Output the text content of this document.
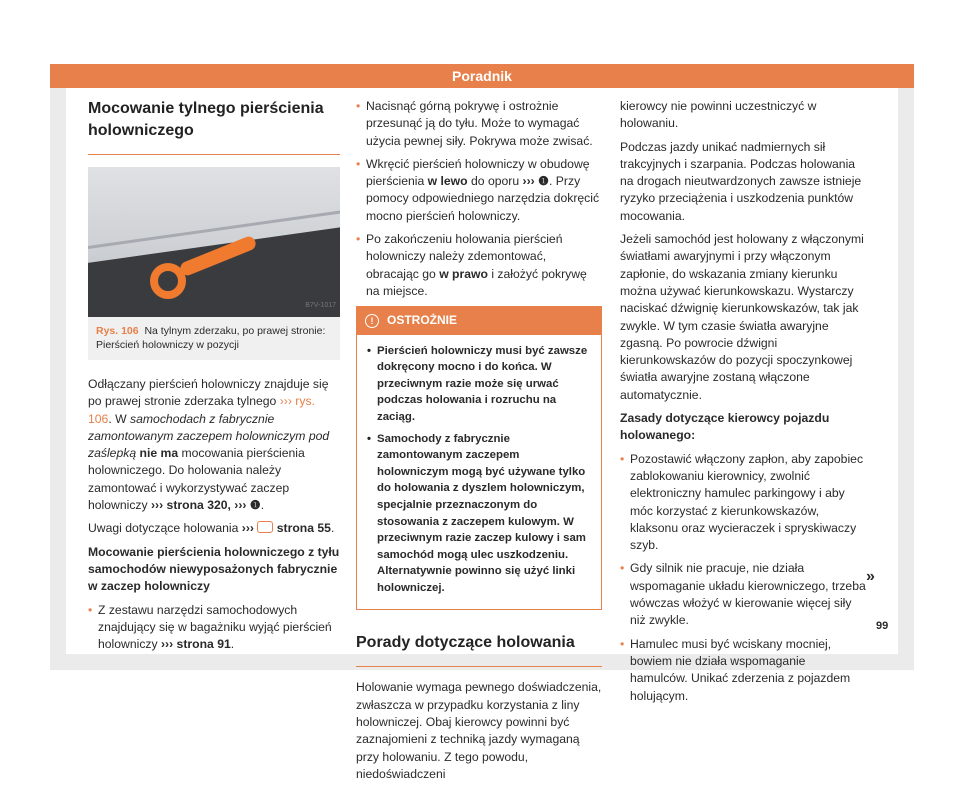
Poradnik
Mocowanie tylnego pierścienia holowniczego
B7V-1017
Rys. 106 Na tylnym zderzaku, po prawej stronie: Pierścień holowniczy w pozycji

Odłączany pierścień holowniczy znajduje się po prawej stronie zderzaka tylnego ››› rys. 106. W samochodach z fabrycznie zamontowanym zaczepem holowniczym pod zaślepką nie ma mocowania pierścienia holowniczego. Do holowania należy zamontować i wykorzystywać zaczep holowniczy ››› strona 320, ››› ❶.

Uwagi dotyczące holowania ›››  strona 55.

Mocowanie pierścienia holowniczego z tyłu samochodów niewyposażonych fabrycznie w zaczep holowniczy

• Z zestawu narzędzi samochodowych znajdujący się w bagażniku wyjąć pierścień holowniczy ››› strona 91.

• Nacisnąć górną pokrywę i ostrożnie przesunąć ją do tyłu. Może to wymagać użycia pewnej siły. Pokrywa może zwisać.

• Wkręcić pierścień holowniczy w obudowę pierścienia w lewo do oporu ››› ❶. Przy pomocy odpowiedniego narzędzia dokręcić mocno pierścień holowniczy.

• Po zakończeniu holowania pierścień holowniczy należy zdemontować, obracając go w prawo i założyć pokrywę na miejsce.

!	OSTROŻNIE

• Pierścień holowniczy musi być zawsze dokręcony mocno i do końca. W przeciwnym razie może się urwać podczas holowania i rozruchu na zaciąg.

• Samochody z fabrycznie zamontowanym zaczepem holowniczym mogą być używane tylko do holowania z dyszlem holowniczym, specjalnie przeznaczonym do stosowania z zaczepem kulowym. W przeciwnym razie zaczep kulowy i sam samochód mogą ulec uszkodzeniu. Alternatywnie powinno się użyć linki holowniczej.

Porady dotyczące holowania

Holowanie wymaga pewnego doświadczenia, zwłaszcza w przypadku korzystania z liny holowniczej. Obaj kierowcy powinni być zaznajomieni z techniką jazdy wymaganą przy holowaniu. Z tego powodu, niedoświadczeni

kierowcy nie powinni uczestniczyć w holowaniu.

Podczas jazdy unikać nadmiernych sił trakcyjnych i szarpania. Podczas holowania na drogach nieutwardzonych zawsze istnieje ryzyko przeciążenia i uszkodzenia punktów mocowania.

Jeżeli samochód jest holowany z włączonymi światłami awaryjnymi i przy włączonym zapłonie, do wskazania zmiany kierunku można używać kierunkowskazu. Wystarczy naciskać dźwignię kierunkowskazów, tak jak zwykle. W tym czasie światła awaryjne zgasną. Po powrocie dźwigni kierunkowskazów do pozycji spoczynkowej światła awaryjne zostaną włączone automatycznie.

Zasady dotyczące kierowcy pojazdu holowanego:

• Pozostawić włączony zapłon, aby zapobiec zablokowaniu kierownicy, zwolnić elektroniczny hamulec parkingowy i aby móc korzystać z kierunkowskazów, klaksonu oraz wycieraczek i spryskiwaczy szyb.

• Gdy silnik nie pracuje, nie działa wspomaganie układu kierowniczego, trzeba wówczas włożyć w kierowanie więcej siły niż zwykle.

• Hamulec musi być wciskany mocniej, bowiem nie działa wspomaganie hamulców. Unikać zderzenia z pojazdem holującym.

»
99
